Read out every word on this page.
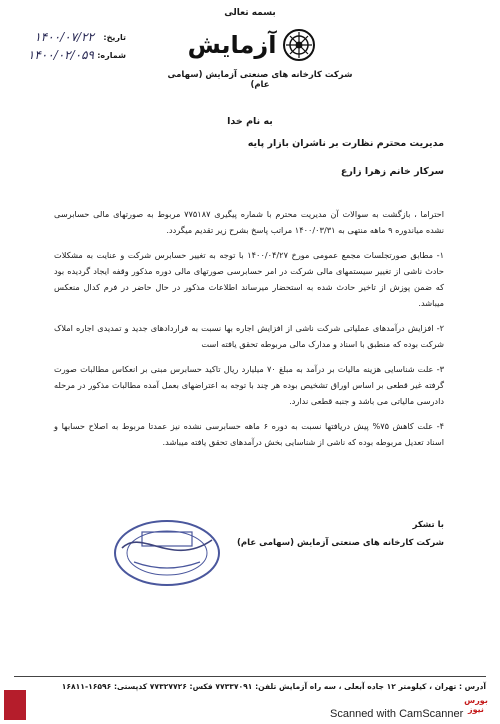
بسمه تعالی
آزمایش
شرکت کارخانه های صنعتی آزمایش (سهامی عام)
تاریخ:
۱۴۰۰/۰۷/۲۲
شماره:
۱۴۰۰/۰۲/۰۵۹
به نام خدا
مدیریت محترم نظارت بر ناشران بازار پایه
سرکار خانم زهرا زارع

احتراما ، بازگشت به سوالات آن مدیریت محترم با شماره پیگیری ۷۷۵۱۸۷ مربوط به صورتهای مالی حسابرسی نشده میاندوره ۹ ماهه منتهی به ۱۴۰۰/۰۳/۳۱ مراتب پاسخ بشرح زیر تقدیم میگردد.

۱- مطابق صورتجلسات مجمع عمومی مورخ ۱۴۰۰/۰۴/۲۷ با توجه به تغییر حسابرس شرکت و عنایت به مشکلات حادث ناشی از تغییر سیستمهای مالی شرکت در امر حسابرسی صورتهای مالی دوره مذکور وقفه ایجاد گردیده بود که ضمن پوزش از تاخیر حادث شده به استحضار میرساند اطلاعات مذکور در حال حاضر در فرم کدال منعکس میباشد.

۲- افزایش درآمدهای عملیاتی شرکت ناشی از افزایش اجاره بها نسبت به قراردادهای جدید و تمدیدی اجاره املاک شرکت بوده که منطبق با اسناد و مدارک مالی مربوطه تحقق یافته است

۳- علت شناسایی هزینه مالیات بر درآمد به مبلغ ۷۰ میلیارد ریال تاکید حسابرس مبنی بر انعکاس مطالبات صورت گرفته غیر قطعی بر اساس اوراق تشخیص بوده هر چند با توجه به اعتراضهای بعمل آمده مطالبات مذکور در مرحله دادرسی مالیاتی می باشد و جنبه قطعی ندارد.

۴- علت کاهش ۷۵% پیش دریافتها نسبت به دوره ۶ ماهه حسابرسی نشده نیز عمدتا مربوط به اصلاح حسابها و اسناد تعدیل مربوطه بوده که ناشی از شناسایی بخش درآمدهای تحقق یافته میباشد.

با تشکر
شرکت کارخانه های صنعتی آزمایش (سهامی عام)
آدرس : تهران ، کیلومتر ۱۲ جاده آبعلی ، سه راه آزمایش تلفن: ۷۷۳۳۷۰۹۱ فکس: ۷۷۳۲۷۷۲۶ کدپستی: ۱۶۵۹۶-۱۶۸۱۱
بورس نیوز
Scanned with CamScanner
